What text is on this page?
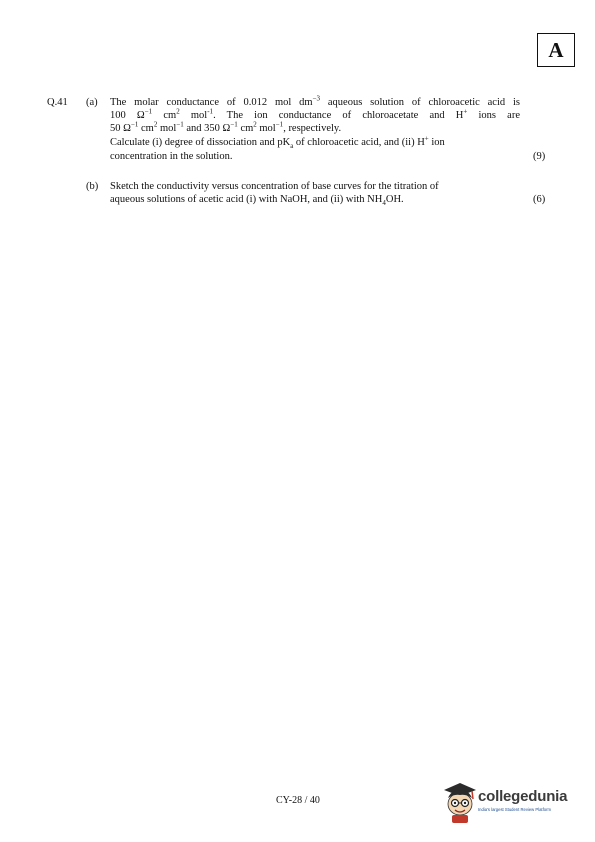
A
Q.41 (a) The molar conductance of 0.012 mol $dm^{-3}$ aqueous solution of chloroacetic acid is
100 $\Omega^{-1}$ $cm^2$ mol$^{-1}$. The ion conductance of chloroacetate and H+ ions are
50 $\Omega^{-1}$ $cm^2$ mol$^{-1}$ and 350 $\Omega^{-1}$ $cm^2$ mol$^{-1}$, respectively.
Calculate (i) degree of dissociation and $pK_a$ of chloroacetic acid, and (ii) H+ ion
concentration in the solution.	(9)
(b) Sketch the conductivity versus concentration of base curves for the titration of
aqueous solutions of acetic acid (i) with NaOH, and (ii) with $NH_4OH$.	(6)
CY-28 / 40	collegedunia
India's largest Student Review Platform
